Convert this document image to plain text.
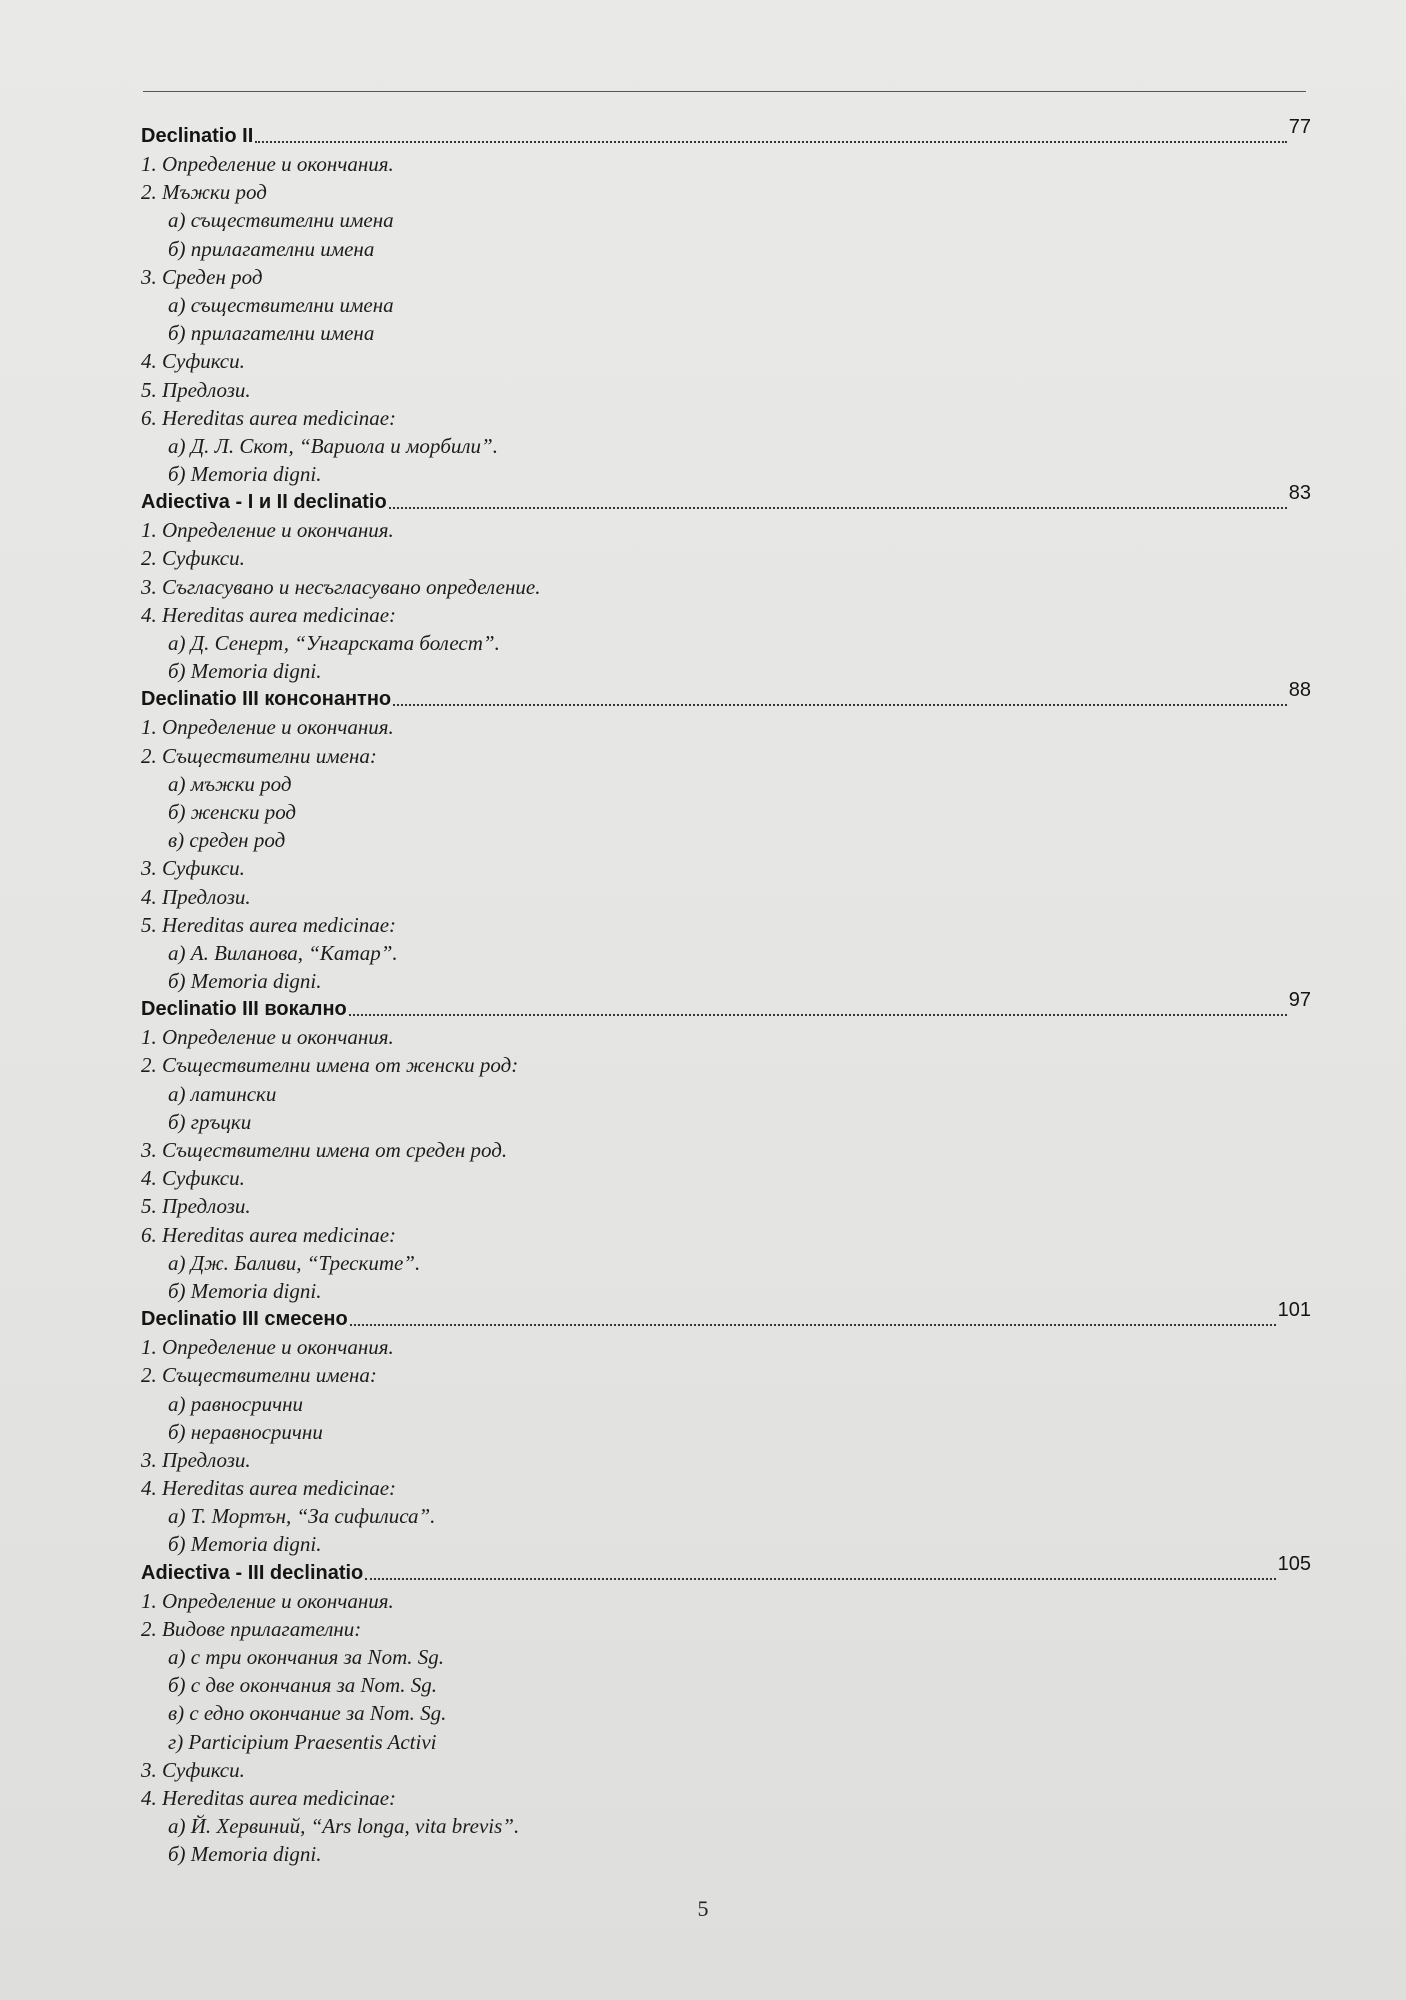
Declinatio II	77
1. Определение и окончания.
2. Мъжки род
а) съществителни имена
б) прилагателни имена
3. Среден род
а) съществителни имена
б) прилагателни имена
4. Суфикси.
5. Предлози.
6. Hereditas aurea medicinae:
а) Д. Л. Скот, “Вариола и морбили”.
б) Memoria digni.
Adiectiva - I и II declinatio	83
1. Определение и окончания.
2. Суфикси.
3. Съгласувано и несъгласувано определение.
4. Hereditas aurea medicinae:
а) Д. Сенерт, “Унгарската болест”.
б) Memoria digni.
Declinatio III консонантно	88
1. Определение и окончания.
2. Съществителни имена:
а) мъжки род
б) женски род
в) среден род
3. Суфикси.
4. Предлози.
5. Hereditas aurea medicinae:
а) А. Виланова, “Катар”.
б) Memoria digni.
Declinatio III вокално	97
1. Определение и окончания.
2. Съществителни имена от женски род:
а) латински
б) гръцки
3. Съществителни имена от среден род.
4. Суфикси.
5. Предлози.
6. Hereditas aurea medicinae:
а) Дж. Баливи, “Треските”.
б) Memoria digni.
Declinatio III смесено	101
1. Определение и окончания.
2. Съществителни имена:
а) равносрични
б) неравносрични
3. Предлози.
4. Hereditas aurea medicinae:
а) Т. Мортън, “За сифилиса”.
б) Memoria digni.
Adiectiva - III declinatio	105
1. Определение и окончания.
2. Видове прилагателни:
а) с три окончания за Nom. Sg.
б) с две окончания за Nom. Sg.
в) с едно окончание за Nom. Sg.
г) Participium Praesentis Activi
3. Суфикси.
4. Hereditas aurea medicinae:
а) Й. Хервиний, “Ars longa, vita brevis”.
б) Memoria digni.
5
